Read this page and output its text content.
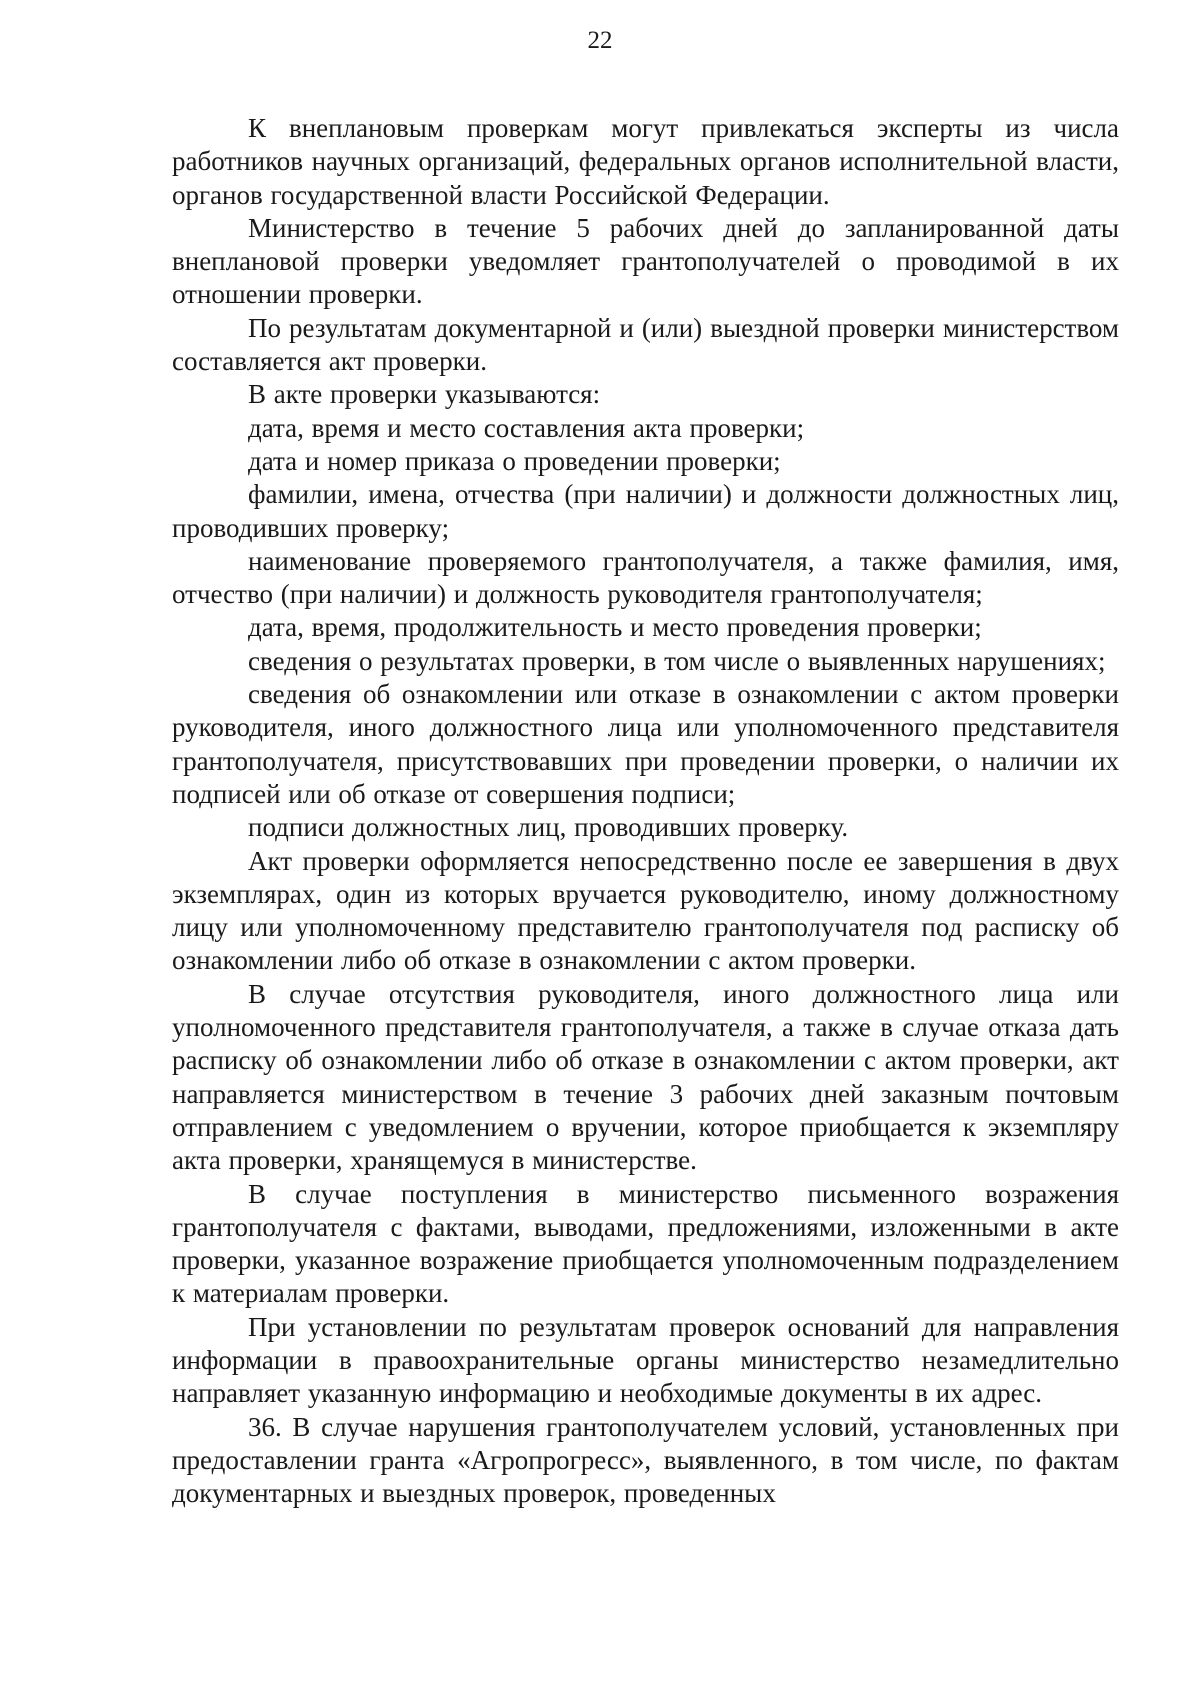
22

К внеплановым проверкам могут привлекаться эксперты из числа работников научных организаций, федеральных органов исполнительной власти, органов государственной власти Российской Федерации.

Министерство в течение 5 рабочих дней до запланированной даты внеплановой проверки уведомляет грантополучателей о проводимой в их отношении проверки.

По результатам документарной и (или) выездной проверки министерством составляется акт проверки.

В акте проверки указываются:

дата, время и место составления акта проверки;

дата и номер приказа о проведении проверки;

фамилии, имена, отчества (при наличии) и должности должностных лиц, проводивших проверку;

наименование проверяемого грантополучателя, а также фамилия, имя, отчество (при наличии) и должность руководителя грантополучателя;

дата, время, продолжительность и место проведения проверки;

сведения о результатах проверки, в том числе о выявленных нарушениях;

сведения об ознакомлении или отказе в ознакомлении с актом проверки руководителя, иного должностного лица или уполномоченного представителя грантополучателя, присутствовавших при проведении проверки, о наличии их подписей или об отказе от совершения подписи;

подписи должностных лиц, проводивших проверку.

Акт проверки оформляется непосредственно после ее завершения в двух экземплярах, один из которых вручается руководителю, иному должностному лицу или уполномоченному представителю грантополучателя под расписку об ознакомлении либо об отказе в ознакомлении с актом проверки.

В случае отсутствия руководителя, иного должностного лица или уполномоченного представителя грантополучателя, а также в случае отказа дать расписку об ознакомлении либо об отказе в ознакомлении с актом проверки, акт направляется министерством в течение 3 рабочих дней заказным почтовым отправлением с уведомлением о вручении, которое приобщается к экземпляру акта проверки, хранящемуся в министерстве.

В случае поступления в министерство письменного возражения грантополучателя с фактами, выводами, предложениями, изложенными в акте проверки, указанное возражение приобщается уполномоченным подразделением к материалам проверки.

При установлении по результатам проверок оснований для направления информации в правоохранительные органы министерство незамедлительно направляет указанную информацию и необходимые документы в их адрес.

36. В случае нарушения грантополучателем условий, установленных при предоставлении гранта «Агропрогресс», выявленного, в том числе, по фактам документарных и выездных проверок, проведенных
